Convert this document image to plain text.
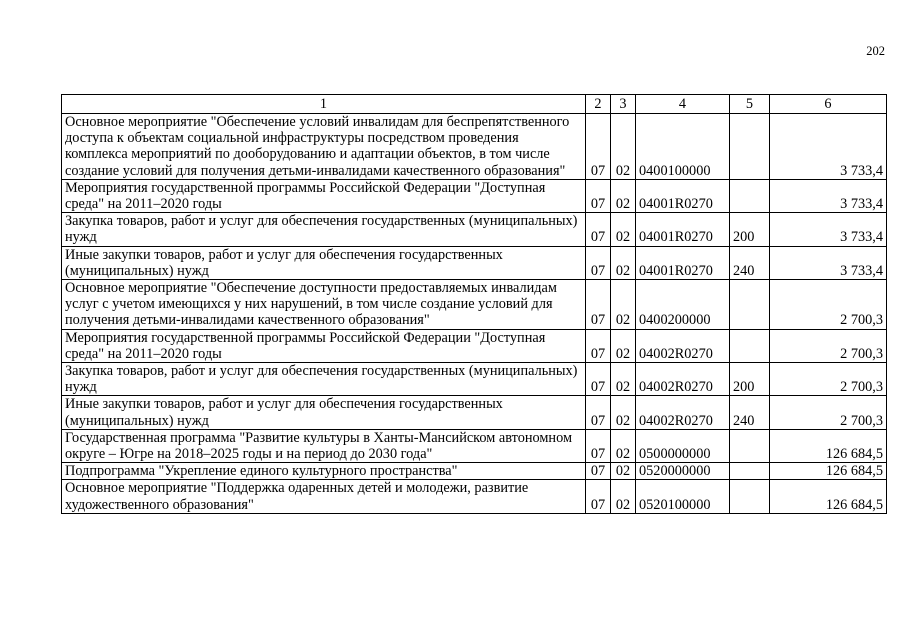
202
1	2	3	4	5	6
Основное мероприятие "Обеспечение условий инвалидам для беспрепятственного доступа к объектам социальной инфраструктуры посредством проведения комплекса мероприятий по дооборудованию и адаптации объектов, в том числе создание условий для получения детьми-инвалидами качественного образования"	07	02	0400100000		3 733,4
Мероприятия государственной программы Российской Федерации "Доступная среда" на 2011–2020 годы	07	02	04001R0270		3 733,4
Закупка товаров, работ и услуг для обеспечения государственных (муниципальных) нужд	07	02	04001R0270	200	3 733,4
Иные закупки товаров, работ и услуг для обеспечения государственных (муниципальных) нужд	07	02	04001R0270	240	3 733,4
Основное мероприятие "Обеспечение доступности предоставляемых инвалидам услуг с учетом имеющихся у них нарушений, в том числе создание условий для получения детьми-инвалидами качественного образования"	07	02	0400200000		2 700,3
Мероприятия государственной программы Российской Федерации "Доступная среда" на 2011–2020 годы	07	02	04002R0270		2 700,3
Закупка товаров, работ и услуг для обеспечения государственных (муниципальных) нужд	07	02	04002R0270	200	2 700,3
Иные закупки товаров, работ и услуг для обеспечения государственных (муниципальных) нужд	07	02	04002R0270	240	2 700,3
Государственная программа "Развитие культуры в Ханты-Мансийском автономном округе – Югре на 2018–2025 годы и на период до 2030 года"	07	02	0500000000		126 684,5
Подпрограмма "Укрепление единого культурного пространства"	07	02	0520000000		126 684,5
Основное мероприятие "Поддержка одаренных детей и молодежи, развитие художественного образования"	07	02	0520100000		126 684,5
